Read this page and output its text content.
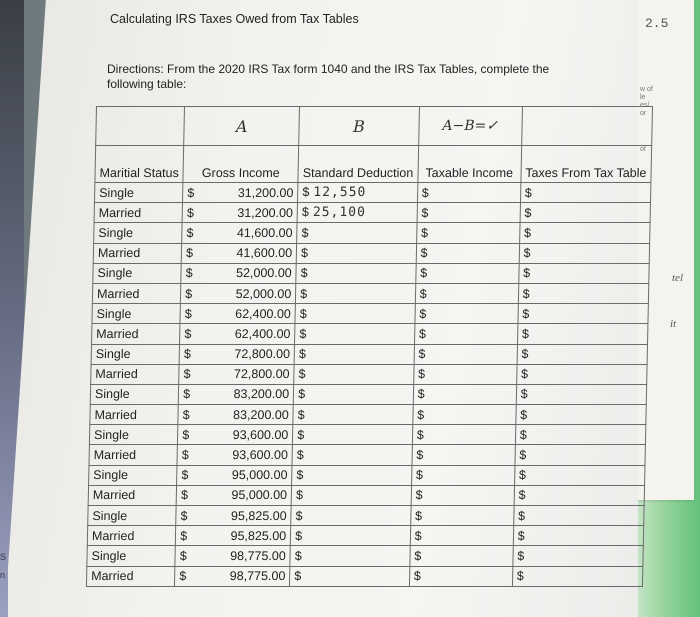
S
n
2.5
w of
le
es/
or
of
tel
it
Calculating IRS Taxes Owed from Tax Tables
Directions: From the 2020 IRS Tax form 1040 and the IRS Tax Tables, complete the following table:
	A	B	A−B=✓	
Maritial Status	Gross Income	Standard Deduction	Taxable Income	Taxes From Tax Table
Single	$ 31,200.00	$ 12,550	$	$
Married	$ 31,200.00	$ 25,100	$	$
Single	$ 41,600.00	$	$	$
Married	$ 41,600.00	$	$	$
Single	$ 52,000.00	$	$	$
Married	$ 52,000.00	$	$	$
Single	$ 62,400.00	$	$	$
Married	$ 62,400.00	$	$	$
Single	$ 72,800.00	$	$	$
Married	$ 72,800.00	$	$	$
Single	$ 83,200.00	$	$	$
Married	$ 83,200.00	$	$	$
Single	$ 93,600.00	$	$	$
Married	$ 93,600.00	$	$	$
Single	$ 95,000.00	$	$	$
Married	$ 95,000.00	$	$	$
Single	$ 95,825.00	$	$	$
Married	$ 95,825.00	$	$	$
Single	$ 98,775.00	$	$	$
Married	$ 98,775.00	$	$	$
